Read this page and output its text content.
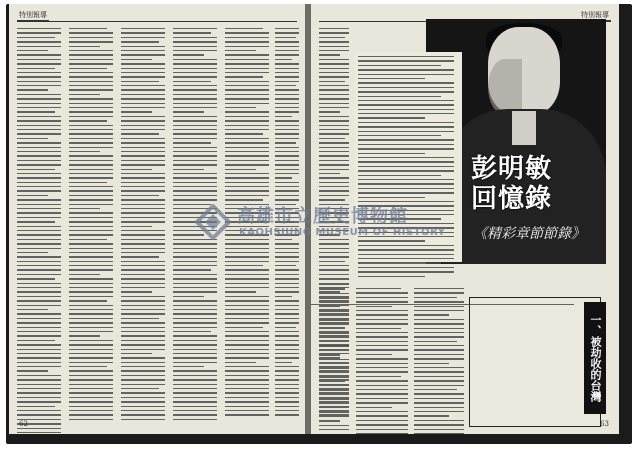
特別報導
62
特別報導
彭明敏
回憶錄
《精彩章節節錄》
一、被劫收的台灣
63
高雄市立歷史博物館
KAOHSIUNG MUSEUM OF HISTORY
